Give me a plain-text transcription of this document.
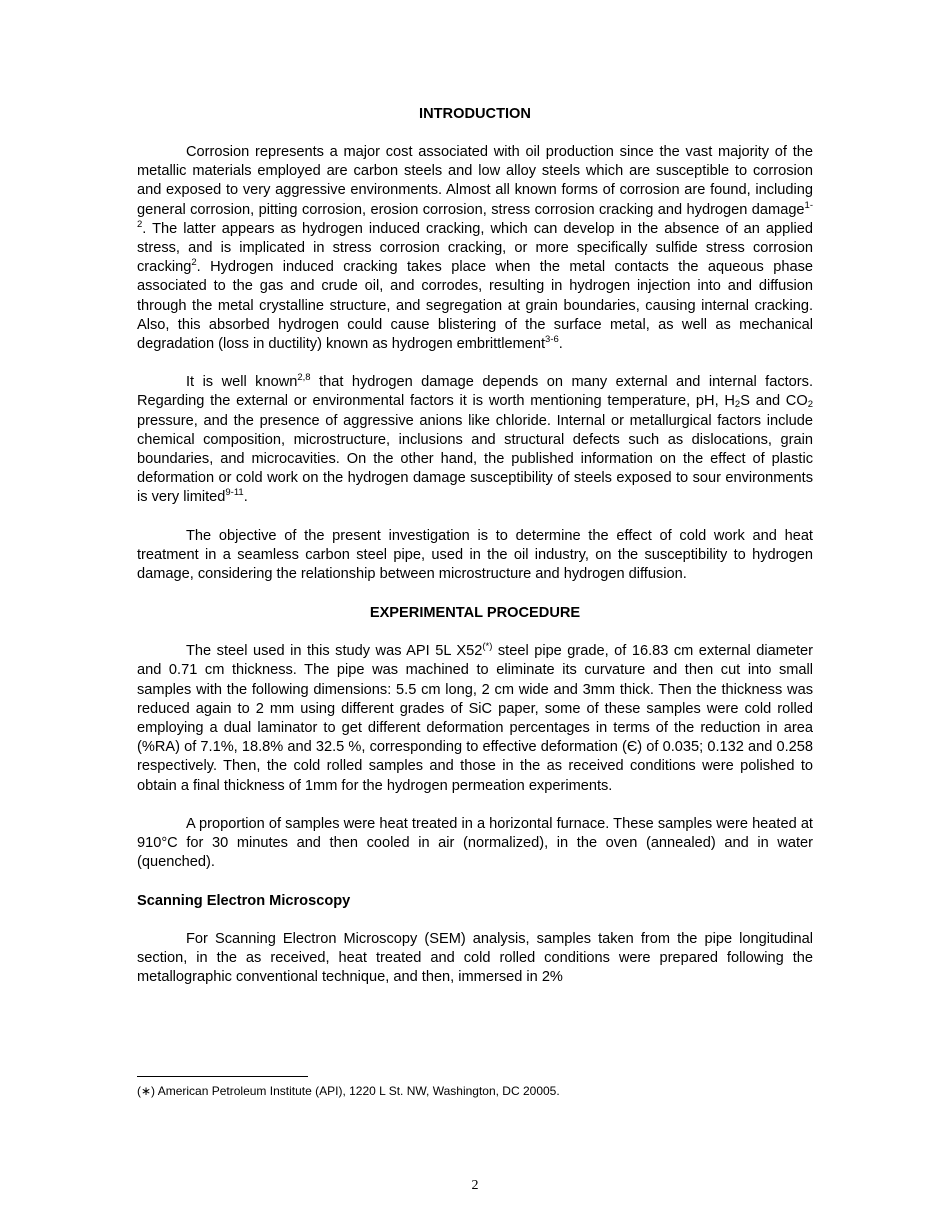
INTRODUCTION

Corrosion represents a major cost associated with oil production since the vast majority of the metallic materials employed are carbon steels and low alloy steels which are susceptible to corrosion and exposed to very aggressive environments. Almost all known forms of corrosion are found, including general corrosion, pitting corrosion, erosion corrosion, stress corrosion cracking and hydrogen damage$^{1-2}$. The latter appears as hydrogen induced cracking, which can develop in the absence of an applied stress, and is implicated in stress corrosion cracking, or more specifically sulfide stress corrosion cracking$^2$. Hydrogen induced cracking takes place when the metal contacts the aqueous phase associated to the gas and crude oil, and corrodes, resulting in hydrogen injection into and diffusion through the metal crystalline structure, and segregation at grain boundaries, causing internal cracking. Also, this absorbed hydrogen could cause blistering of the surface metal, as well as mechanical degradation (loss in ductility) known as hydrogen embrittlement$^{3-6}$.

It is well known$^{2,8}$ that hydrogen damage depends on many external and internal factors. Regarding the external or environmental factors it is worth mentioning temperature, pH, $H_2S$ and $CO_2$ pressure, and the presence of aggressive anions like chloride. Internal or metallurgical factors include chemical composition, microstructure, inclusions and structural defects such as dislocations, grain boundaries, and microcavities. On the other hand, the published information on the effect of plastic deformation or cold work on the hydrogen damage susceptibility of steels exposed to sour environments is very limited$^{9-11}$.

The objective of the present investigation is to determine the effect of cold work and heat treatment in a seamless carbon steel pipe, used in the oil industry, on the susceptibility to hydrogen damage, considering the relationship between microstructure and hydrogen diffusion.

EXPERIMENTAL PROCEDURE

The steel used in this study was API 5L X52(*) steel pipe grade, of 16.83 cm external diameter and 0.71 cm thickness. The pipe was machined to eliminate its curvature and then cut into small samples with the following dimensions: 5.5 cm long, 2 cm wide and 3mm thick. Then the thickness was reduced again to 2 mm using different grades of SiC paper, some of these samples were cold rolled employing a dual laminator to get different deformation percentages in terms of the reduction in area (%RA) of 7.1%, 18.8% and 32.5 %, corresponding to effective deformation (Є) of 0.035; 0.132 and 0.258 respectively. Then, the cold rolled samples and those in the as received conditions were polished to obtain a final thickness of 1mm for the hydrogen permeation experiments.

A proportion of samples were heat treated in a horizontal furnace. These samples were heated at 910°C for 30 minutes and then cooled in air (normalized), in the oven (annealed) and in water (quenched).

Scanning Electron Microscopy

For Scanning Electron Microscopy (SEM) analysis, samples taken from the pipe longitudinal section, in the as received, heat treated and cold rolled conditions were prepared following the metallographic conventional technique, and then, immersed in 2%

(∗) American Petroleum Institute (API), 1220 L St. NW, Washington, DC 20005.
2
